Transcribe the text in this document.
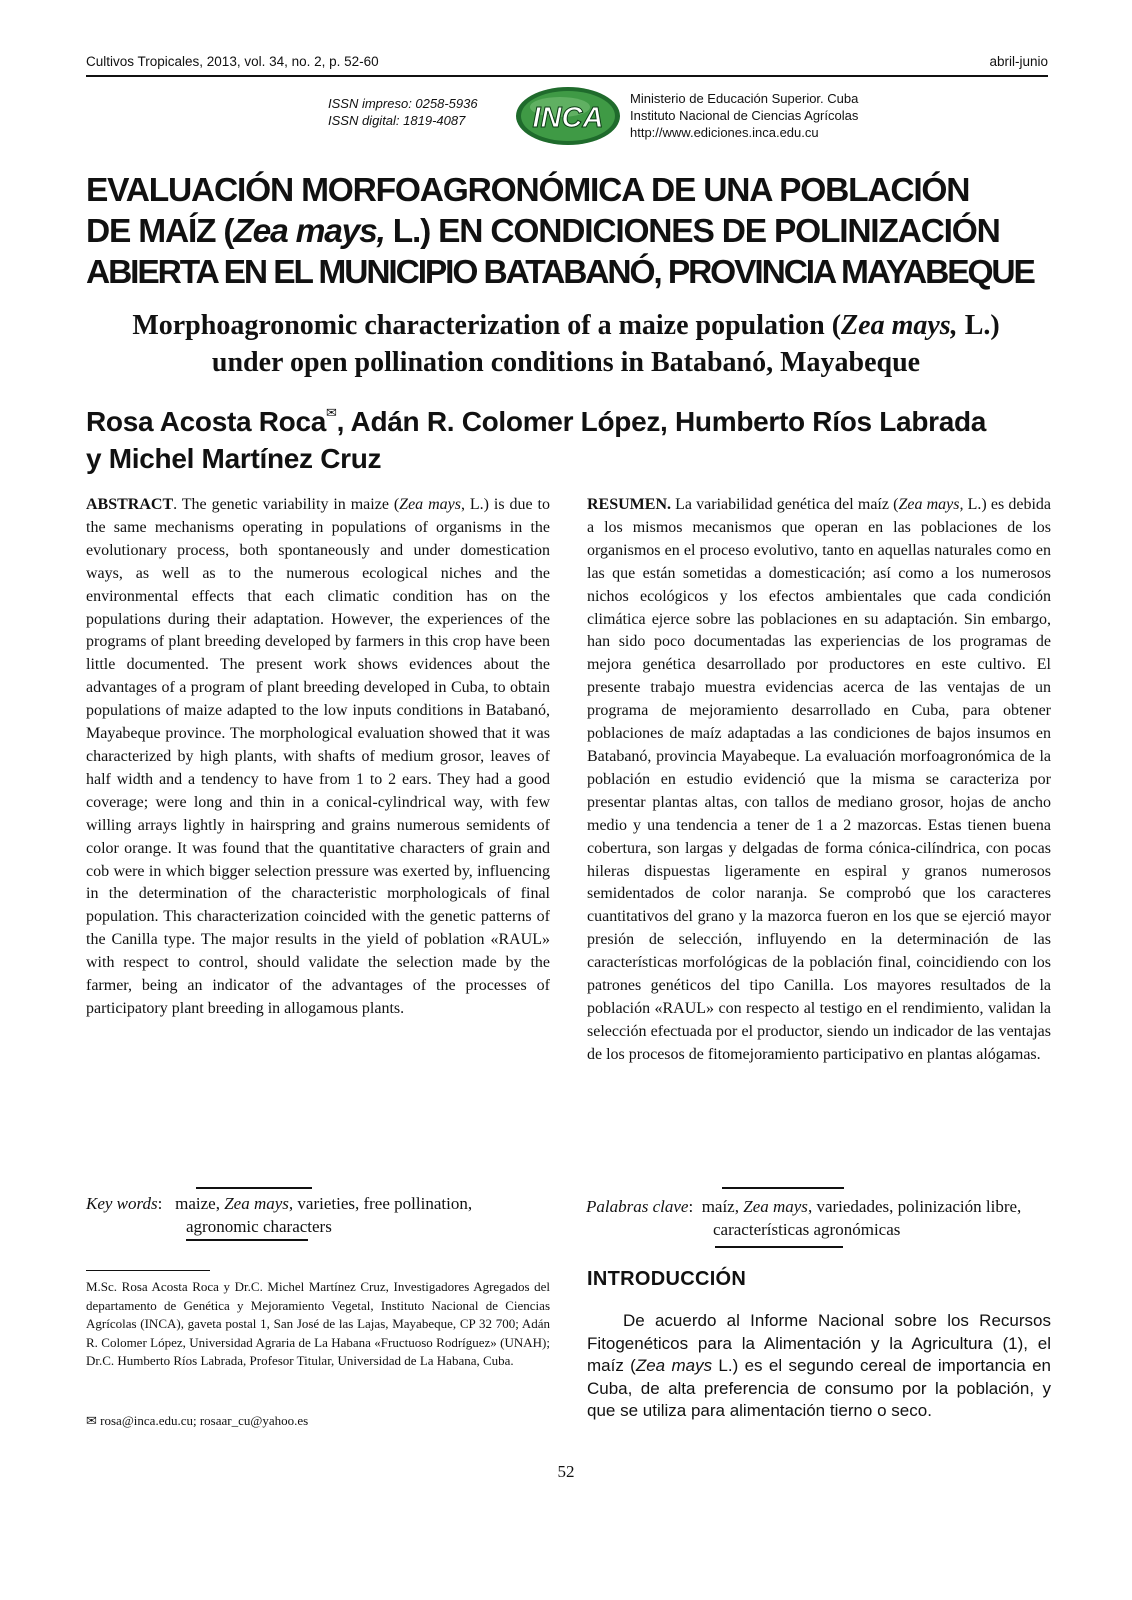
Cultivos Tropicales, 2013, vol. 34, no. 2, p. 52-60	abril-junio
ISSN impreso: 0258-5936
ISSN digital: 1819-4087	INCA
Ministerio de Educación Superior. Cuba
Instituto Nacional de Ciencias Agrícolas
http://www.ediciones.inca.edu.cu

EVALUACIÓN MORFOAGRONÓMICA DE UNA POBLACIÓN

DE MAÍZ (Zea mays, L.) EN CONDICIONES DE POLINIZACIÓN

ABIERTA EN EL MUNICIPIO BATABANÓ, PROVINCIA MAYABEQUE

Morphoagronomic characterization of a maize population (Zea mays, L.)

under open pollination conditions in Batabanó, Mayabeque

Rosa Acosta Roca✉, Adán R. Colomer López, Humberto Ríos Labrada

y Michel Martínez Cruz

ABSTRACT. The genetic variability in maize (Zea mays, L.) is due to the same mechanisms operating in populations of organisms in the evolutionary process, both spontaneously and under domestication ways, as well as to the numerous ecological niches and the environmental effects that each climatic condition has on the populations during their adaptation. However, the experiences of the programs of plant breeding developed by farmers in this crop have been little documented. The present work shows evidences about the advantages of a program of plant breeding developed in Cuba, to obtain populations of maize adapted to the low inputs conditions in Batabanó, Mayabeque province. The morphological evaluation showed that it was characterized by high plants, with shafts of medium grosor, leaves of half width and a tendency to have from 1 to 2 ears. They had a good coverage; were long and thin in a conical-cylindrical way, with few willing arrays lightly in hairspring and grains numerous semidents of color orange. It was found that the quantitative characters of grain and cob were in which bigger selection pressure was exerted by, influencing in the determination of the characteristic morphologicals of final population. This characterization coincided with the genetic patterns of the Canilla type. The major results in the yield of poblation «RAUL» with respect to control, should validate the selection made by the farmer, being an indicator of the advantages of the processes of participatory plant breeding in allogamous plants.

RESUMEN. La variabilidad genética del maíz (Zea mays, L.) es debida a los mismos mecanismos que operan en las poblaciones de los organismos en el proceso evolutivo, tanto en aquellas naturales como en las que están sometidas a domesticación; así como a los numerosos nichos ecológicos y los efectos ambientales que cada condición climática ejerce sobre las poblaciones en su adaptación. Sin embargo, han sido poco documentadas las experiencias de los programas de mejora genética desarrollado por productores en este cultivo. El presente trabajo muestra evidencias acerca de las ventajas de un programa de mejoramiento desarrollado en Cuba, para obtener poblaciones de maíz adaptadas a las condiciones de bajos insumos en Batabanó, provincia Mayabeque. La evaluación morfoagronómica de la población en estudio evidenció que la misma se caracteriza por presentar plantas altas, con tallos de mediano grosor, hojas de ancho medio y una tendencia a tener de 1 a 2 mazorcas. Estas tienen buena cobertura, son largas y delgadas de forma cónica-cilíndrica, con pocas hileras dispuestas ligeramente en espiral y granos numerosos semidentados de color naranja. Se comprobó que los caracteres cuantitativos del grano y la mazorca fueron en los que se ejerció mayor presión de selección, influyendo en la determinación de las características morfológicas de la población final, coincidiendo con los patrones genéticos del tipo Canilla. Los mayores resultados de la población «RAUL» con respecto al testigo en el rendimiento, validan la selección efectuada por el productor, siendo un indicador de las ventajas de los procesos de fitomejoramiento participativo en plantas alógamas.

Key words:   maize, Zea mays, varieties, free pollination,
agronomic characters
Palabras clave:  maíz, Zea mays, variedades, polinización libre,
características agronómicas

M.Sc. Rosa Acosta Roca y Dr.C. Michel Martínez Cruz, Investigadores Agregados del departamento de Genética y Mejoramiento Vegetal, Instituto Nacional de Ciencias Agrícolas (INCA), gaveta postal 1, San José de las Lajas, Mayabeque, CP 32 700; Adán R. Colomer López, Universidad Agraria de La Habana «Fructuoso Rodríguez» (UNAH); Dr.C. Humberto Ríos Labrada, Profesor Titular, Universidad de La Habana, Cuba.

✉ rosa@inca.edu.cu; rosaar_cu@yahoo.es
INTRODUCCIÓN

De acuerdo al Informe Nacional sobre los Recursos Fitogenéticos para la Alimentación y la Agricultura (1), el maíz (Zea mays L.) es el segundo cereal de importancia en Cuba, de alta preferencia de consumo por la población, y que se utiliza para alimentación tierno o seco.

52
